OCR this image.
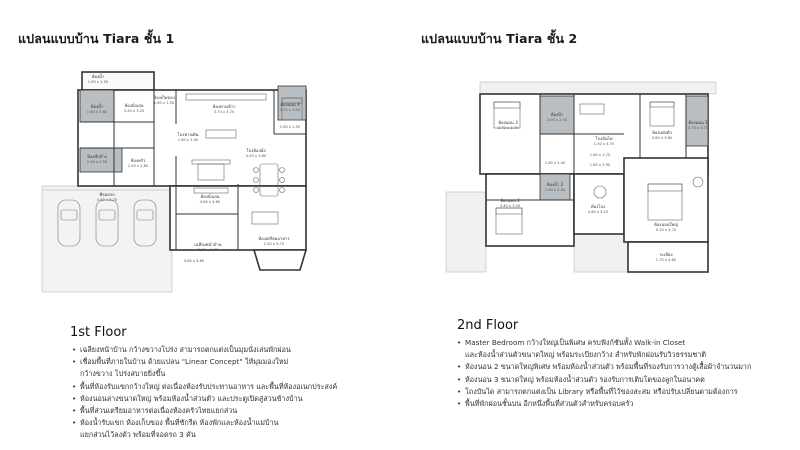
แปลนแบบบ้าน Tiara ชั้น 1
ห้องน้ำ
1.60 x 2.50
ห้องนั่งเล่น
3.20 x 3.20
ห้องเก็บของ
1.60 x 1.50
ห้องน้ำ
1.60 x 2.80
ห้องนอน 4
3.70 x 3.50
ห้องทานข้าว
3.70 x 5.70
ห้องนั่งเล่น
4.60 x 4.80
โถงทางเดิน
1.80 x 1.40
ห้องซักล้าง
2.40 x 2.50	ห้องครัว
2.50 x 2.80
โถงห้องนั่ง
4.50 x 3.80
ห้องเตรียมอาหาร
2.40 x 5.70
ที่จอดรถ
4.80 x 8.20
เฉลียงหน้าบ้าน
2.20 x 4.70
1.60 x 1.50
3.60 x 4.80
1st Floor
• เฉลียงหน้าบ้าน กว้างขวางโปร่ง สามารถตกแต่งเป็นมุมนั่งเล่นพักผ่อน
• เชื่อมพื้นที่ภายในบ้าน ด้วยแปลน "Linear Concept" ให้มุมมองใหม่
กว้างขวาง โปร่งสบายยิ่งขึ้น
• พื้นที่ห้องรับแขกกว้างใหญ่ ต่อเนื่องห้องรับประทานอาหาร และพื้นที่ห้องอเนกประสงค์
• ห้องนอนล่างขนาดใหญ่ พร้อมห้องน้ำส่วนตัว และประตูเปิดสู่สวนข้างบ้าน
• พื้นที่ส่วนเตรียมอาหารต่อเนื่องห้องครัวไทยแยกส่วน
• ห้องน้ำรับแขก ห้องเก็บของ พื้นที่ซักรีด ห้องพักและห้องน้ำแม่บ้าน
แยกส่วนไว้ลงตัว พร้อมที่จอดรถ 3 คัน
แปลนแบบบ้าน Tiara ชั้น 2
ห้องนอน 3
3.70 x 3.70
ห้องน้ำ
2.00 x 2.50	ห้องนอน 1
3.70 x 3.70
ห้องแต่งตัว
3.60 x 3.60
โถงบันได
1.50 x 4.70
ห้องน้ำ 2
1.50 x 2.50
ห้องนอน 2
3.40 x 3.50	ห้องโถง
4.80 x 5.10
ห้องนอนใหญ่
5.20 x 4.70
ระเบียง
1.70 x 4.60
1.60 x 1.70
1.80 x 2.40	1.80 x 2.90
2nd Floor
• Master Bedroom กว้างใหญ่เป็นพิเศษ ครบฟังก์ชันทั้ง Walk-in Closet
และห้องน้ำส่วนตัวขนาดใหญ่ พร้อมระเบียงกว้าง สำหรับพักผ่อนรับวิวธรรมชาติ
• ห้องนอน 2 ขนาดใหญ่พิเศษ พร้อมห้องน้ำส่วนตัว พร้อมพื้นที่รองรับการวางตู้เสื้อผ้าจำนวนมาก
• ห้องนอน 3 ขนาดใหญ่ พร้อมห้องน้ำส่วนตัว รองรับการเติบโตของลูกในอนาคต
• โถงบันได สามารถตกแต่งเป็น Library หรือพื้นที่ไว้ของสะสม หรือปรับเปลี่ยนตามต้องการ
• พื้นที่พักผ่อนชั้นบน อีกหนึ่งพื้นที่ส่วนตัวสำหรับครอบครัว
